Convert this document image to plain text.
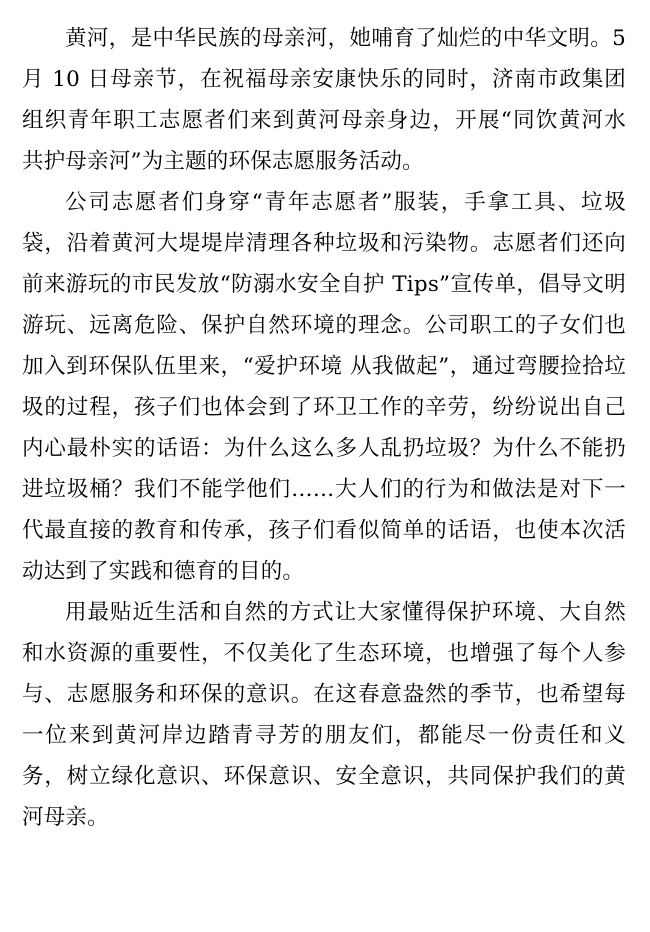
黄河，是中华民族的母亲河，她哺育了灿烂的中华文明。5 月 10 日母亲节，在祝福母亲安康快乐的同时，济南市政集团组织青年职工志愿者们来到黄河母亲身边，开展“同饮黄河水 共护母亲河”为主题的环保志愿服务活动。

公司志愿者们身穿“青年志愿者”服装，手拿工具、垃圾袋，沿着黄河大堤堤岸清理各种垃圾和污染物。志愿者们还向前来游玩的市民发放“防溺水安全自护 Tips”宣传单，倡导文明游玩、远离危险、保护自然环境的理念。公司职工的子女们也加入到环保队伍里来，“爱护环境 从我做起”，通过弯腰捡拾垃圾的过程，孩子们也体会到了环卫工作的辛劳，纷纷说出自己内心最朴实的话语：为什么这么多人乱扔垃圾？为什么不能扔进垃圾桶？我们不能学他们……大人们的行为和做法是对下一代最直接的教育和传承，孩子们看似简单的话语，也使本次活动达到了实践和德育的目的。

用最贴近生活和自然的方式让大家懂得保护环境、大自然和水资源的重要性，不仅美化了生态环境，也增强了每个人参与、志愿服务和环保的意识。在这春意盎然的季节，也希望每一位来到黄河岸边踏青寻芳的朋友们，都能尽一份责任和义务，树立绿化意识、环保意识、安全意识，共同保护我们的黄河母亲。
